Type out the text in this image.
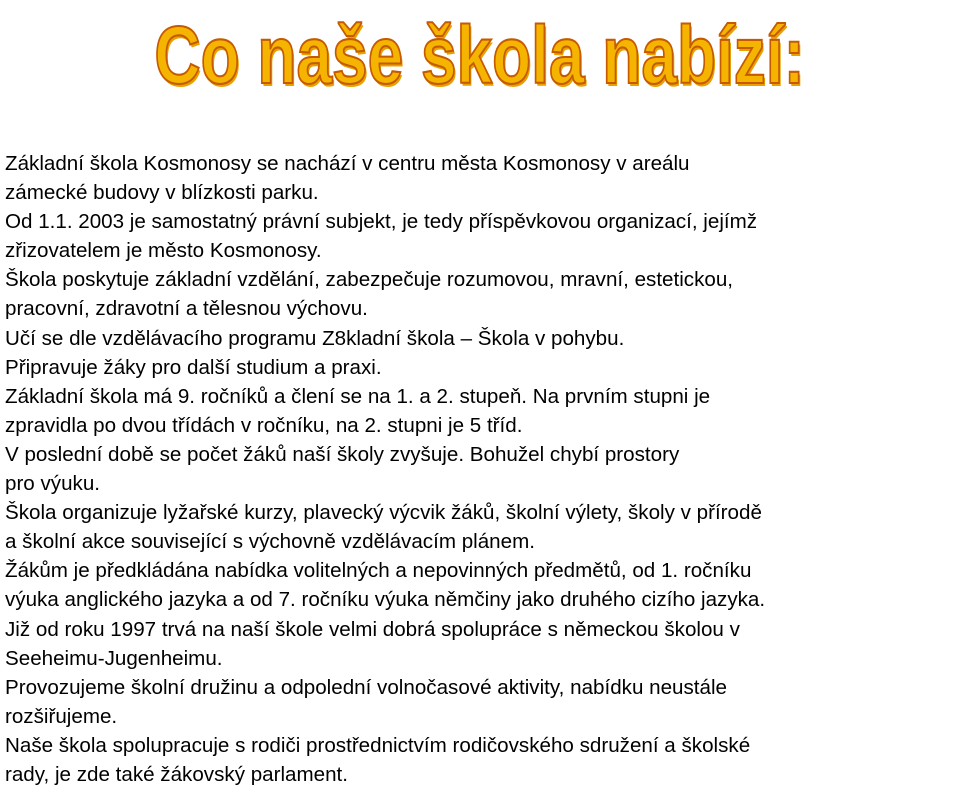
Co naše škola nabízí:

Základní škola Kosmonosy se nachází v centru města Kosmonosy v areálu

zámecké budovy v blízkosti parku.

Od 1.1. 2003 je samostatný právní subjekt, je tedy příspěvkovou organizací, jejímž

zřizovatelem je město Kosmonosy.

Škola poskytuje základní vzdělání, zabezpečuje rozumovou, mravní, estetickou,

pracovní, zdravotní a tělesnou výchovu.

Učí se dle vzdělávacího programu Z8kladní škola – Škola v pohybu.

Připravuje žáky pro další studium a praxi.

Základní škola má 9. ročníků a člení se na 1. a 2. stupeň. Na prvním stupni je

zpravidla po dvou třídách v ročníku, na 2. stupni je 5 tříd.

V poslední době se počet žáků naší školy zvyšuje. Bohužel chybí prostory

pro výuku.

Škola organizuje lyžařské kurzy, plavecký výcvik žáků, školní výlety, školy v přírodě

a školní akce související s výchovně vzdělávacím plánem.

Žákům je předkládána nabídka volitelných a nepovinných předmětů, od 1. ročníku

výuka anglického jazyka a od 7. ročníku výuka němčiny jako druhého cizího jazyka.

Již od roku 1997 trvá na naší škole velmi dobrá spolupráce s německou školou v

Seeheimu-Jugenheimu.

Provozujeme školní družinu a odpolední volnočasové aktivity, nabídku neustále

rozšiřujeme.

Naše škola spolupracuje s rodiči prostřednictvím rodičovského sdružení a školské

rady, je zde také žákovský parlament.
